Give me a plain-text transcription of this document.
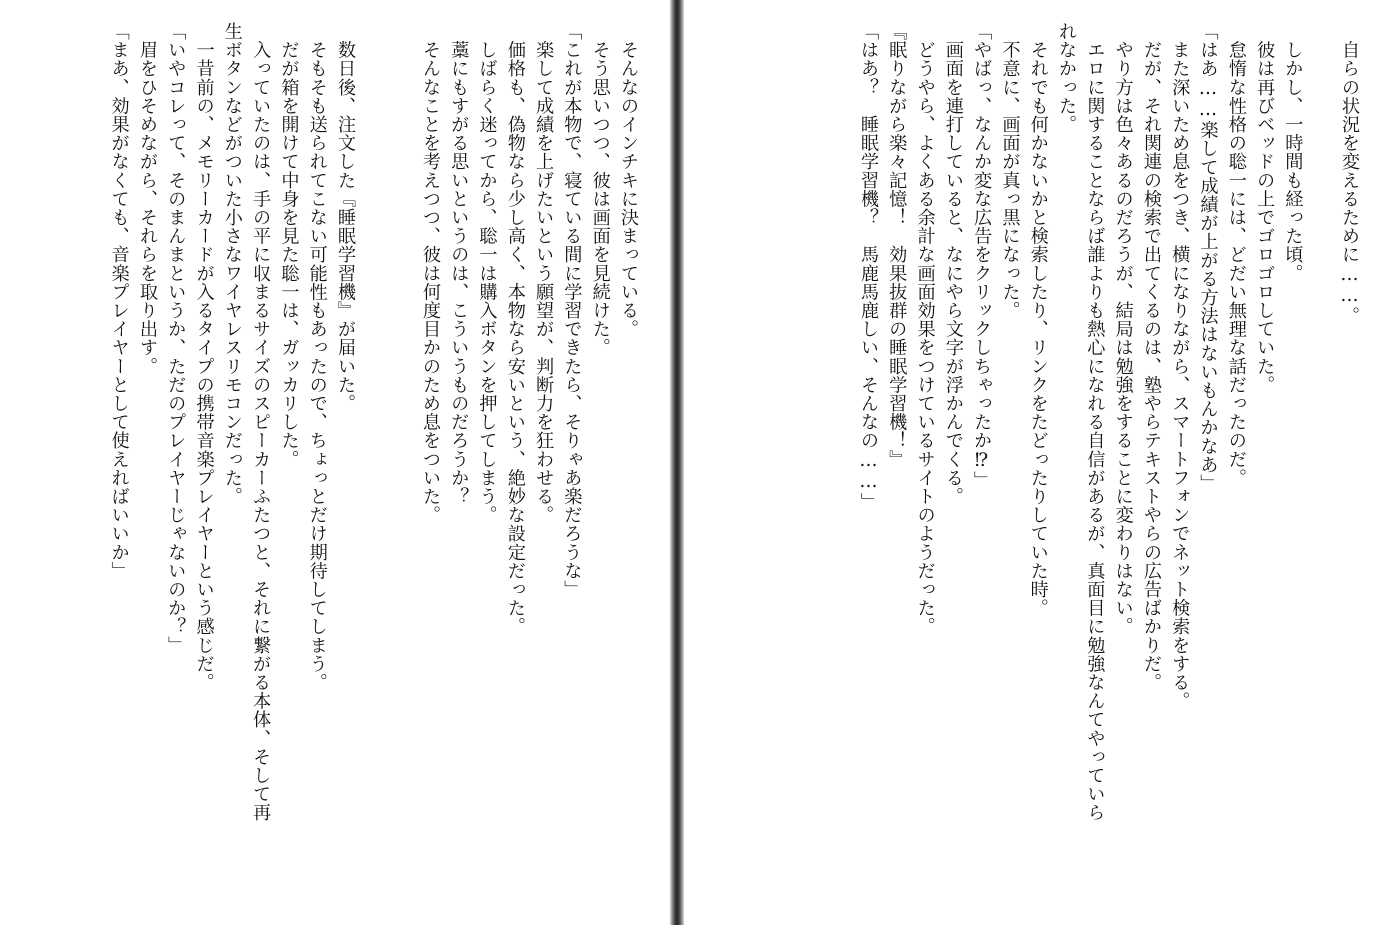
　そんなのインチキに決まっている。
　そう思いつつ、彼は画面を見続けた。
「これが本物で、寝ている間に学習できたら、そりゃあ楽だろうな」
　楽して成績を上げたいという願望が、判断力を狂わせる。
　価格も、偽物なら少し高く、本物なら安いという、絶妙な設定だった。
　しばらく迷ってから、聡一は購入ボタンを押してしまう。
　藁にもすがる思いというのは、こういうものだろうか？
　そんなことを考えつつ、彼は何度目かのため息をついた。

　数日後、注文した『睡眠学習機』が届いた。
　そもそも送られてこない可能性もあったので、ちょっとだけ期待してしまう。
　だが箱を開けて中身を見た聡一は、ガッカリした。
　入っていたのは、手の平に収まるサイズのスピーカーふたつと、それに繋がる本体、そして再
生ボタンなどがついた小さなワイヤレスリモコンだった。
　一昔前の、メモリーカードが入るタイプの携帯音楽プレイヤーという感じだ。
「いやコレって、そのまんまというか、ただのプレイヤーじゃないのか？」
　眉をひそめながら、それらを取り出す。
「まあ、効果がなくても、音楽プレイヤーとして使えればいいか」	　自らの状況を変えるために……。

　しかし、一時間も経った頃。
　彼は再びベッドの上でゴロゴロしていた。
　怠惰な性格の聡一には、どだい無理な話だったのだ。
「はあ……楽して成績が上がる方法はないもんかなあ」
　また深いため息をつき、横になりながら、スマートフォンでネット検索をする。
　だが、それ関連の検索で出てくるのは、塾やらテキストやらの広告ばかりだ。
　やり方は色々あるのだろうが、結局は勉強をすることに変わりはない。
　エロに関することならば誰よりも熱心になれる自信があるが、真面目に勉強なんてやっていら
れなかった。
　それでも何かないかと検索したり、リンクをたどったりしていた時。
　不意に、画面が真っ黒になった。
「やばっ、なんか変な広告をクリックしちゃったか⁉」
　画面を連打していると、なにやら文字が浮かんでくる。
　どうやら、よくある余計な画面効果をつけているサイトのようだった。
『眠りながら楽々記憶！　効果抜群の睡眠学習機！』
「はあ？　睡眠学習機？　馬鹿馬鹿しい、そんなの……」
